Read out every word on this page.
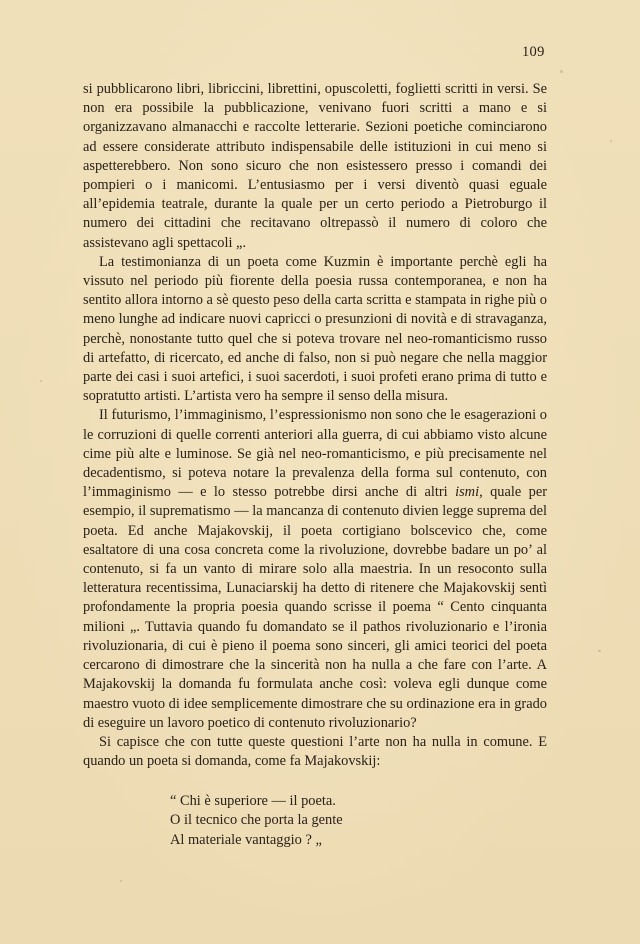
109

si pubblicarono libri, libriccini, librettini, opuscoletti, foglietti scritti in versi. Se non era possibile la pubblicazione, venivano fuori scritti a mano e si organizzavano almanacchi e raccolte letterarie. Sezioni poetiche cominciarono ad essere considerate attributo indispensabile delle istituzioni in cui meno si aspetterebbero. Non sono sicuro che non esistessero presso i comandi dei pompieri o i manicomi. L’entusiasmo per i versi diventò quasi eguale all’epidemia teatrale, durante la quale per un certo periodo a Pietroburgo il numero dei cittadini che recitavano oltrepassò il numero di coloro che assistevano agli spettacoli „.

La testimonianza di un poeta come Kuzmin è importante perchè egli ha vissuto nel periodo più fiorente della poesia russa contemporanea, e non ha sentito allora intorno a sè questo peso della carta scritta e stampata in righe più o meno lunghe ad indicare nuovi capricci o presunzioni di novità e di stravaganza, perchè, nonostante tutto quel che si poteva trovare nel neo-romanticismo russo di artefatto, di ricercato, ed anche di falso, non si può negare che nella maggior parte dei casi i suoi artefici, i suoi sacerdoti, i suoi profeti erano prima di tutto e sopratutto artisti. L’artista vero ha sempre il senso della misura.

Il futurismo, l’immaginismo, l’espressionismo non sono che le esagerazioni o le corruzioni di quelle correnti anteriori alla guerra, di cui abbiamo visto alcune cime più alte e luminose. Se già nel neo-romanticismo, e più precisamente nel decadentismo, si poteva notare la prevalenza della forma sul contenuto, con l’immaginismo — e lo stesso potrebbe dirsi anche di altri ismi, quale per esempio, il suprematismo — la mancanza di contenuto divien legge suprema del poeta. Ed anche Majakovskij, il poeta cortigiano bolscevico che, come esaltatore di una cosa concreta come la rivoluzione, dovrebbe badare un po’ al contenuto, si fa un vanto di mirare solo alla maestria. In un resoconto sulla letteratura recentissima, Lunaciarskij ha detto di ritenere che Majakovskij sentì profondamente la propria poesia quando scrisse il poema “ Cento cinquanta milioni „. Tuttavia quando fu domandato se il pathos rivoluzionario e l’ironia rivoluzionaria, di cui è pieno il poema sono sinceri, gli amici teorici del poeta cercarono di dimostrare che la sincerità non ha nulla a che fare con l’arte. A Majakovskij la domanda fu formulata anche così: voleva egli dunque come maestro vuoto di idee semplicemente dimostrare che su ordinazione era in grado di eseguire un lavoro poetico di contenuto rivoluzionario?

Si capisce che con tutte queste questioni l’arte non ha nulla in comune. E quando un poeta si domanda, come fa Majakovskij:

“ Chi è superiore — il poeta.
O il tecnico che porta la gente
Al materiale vantaggio ? „
